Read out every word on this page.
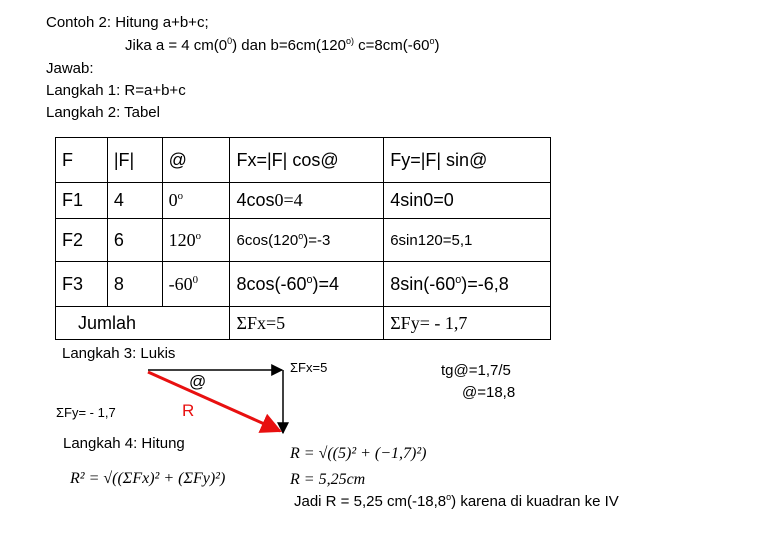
Contoh 2: Hitung a+b+c;
Jika a = 4 $cm(0^0)$ dan $b=6cm(120^{o)}$ $c=8cm(-60^o)$
Jawab:
Langkah 1: R=a+b+c
Langkah 2: Tabel
F	|F|	@	Fx=|F| cos@	Fy=|F| sin@
F1	4	0$^o$	4cos0=4	4sin0=0
F2	6	120$^o$	$6\cos(120^o)=-3$	6sin120=5,1
F3	8	$-60^0$	$8\cos(-60^o)=4$	$8\sin(-60^o)=-6,8$
Jumlah			ΣFx=5	ΣFy= - 1,7
Langkah 3: Lukis
@
R
ΣFx=5
ΣFy= - 1,7
tg@=1,7/5
@=18,8
Langkah 4: Hitung
R² = √((ΣFx)² + (ΣFy)²)
R = √((5)² + (−1,7)²)
R = 5,25cm
Jadi R = 5,25 cm(-18,8$^o$) karena di kuadran ke IV
